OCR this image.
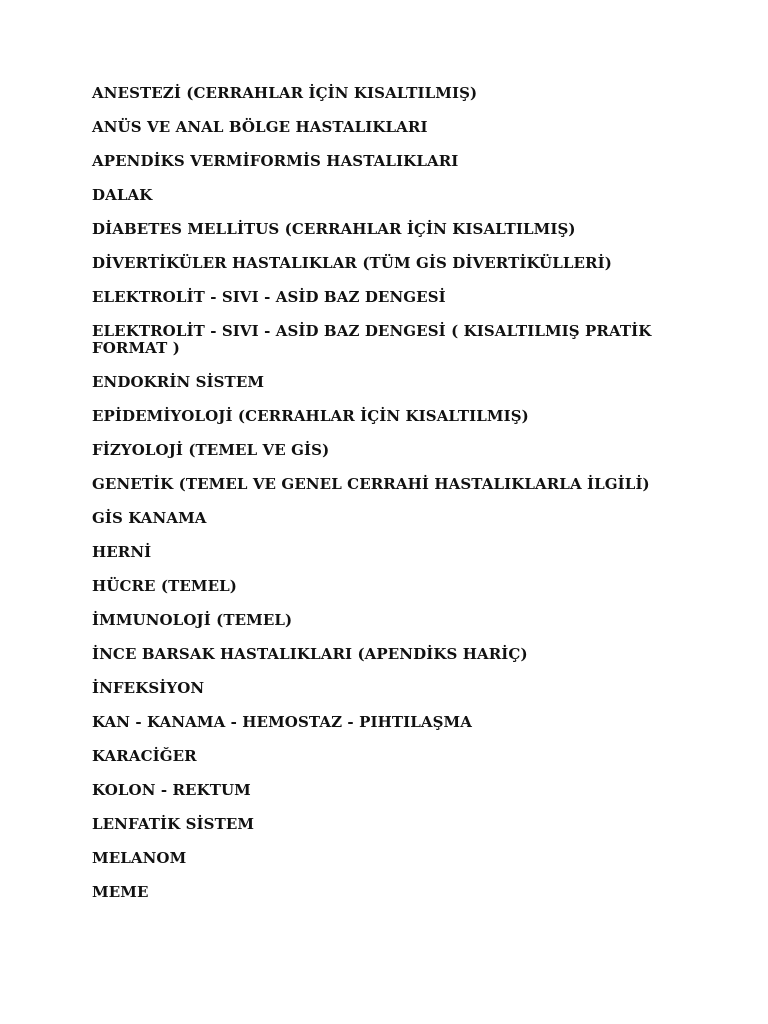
ANESTEZİ (CERRAHLAR İÇİN KISALTILMIŞ)
ANÜS VE ANAL BÖLGE HASTALIKLARI
APENDİKS VERMİFORMİS HASTALIKLARI
DALAK
DİABETES MELLİTUS (CERRAHLAR İÇİN KISALTILMIŞ)
DİVERTİKÜLER HASTALIKLAR (TÜM GİS DİVERTİKÜLLERİ)
ELEKTROLİT - SIVI - ASİD BAZ DENGESİ
ELEKTROLİT - SIVI - ASİD BAZ DENGESİ ( KISALTILMIŞ PRATİK FORMAT )
ENDOKRİN SİSTEM
EPİDEMİYOLOJİ (CERRAHLAR İÇİN KISALTILMIŞ)
FİZYOLOJİ (TEMEL VE GİS)
GENETİK (TEMEL VE GENEL CERRAHİ HASTALIKLARLA İLGİLİ)
GİS KANAMA
HERNİ
HÜCRE (TEMEL)
İMMUNOLOJİ (TEMEL)
İNCE BARSAK HASTALIKLARI (APENDİKS HARİÇ)
İNFEKSİYON
KAN - KANAMA - HEMOSTAZ - PIHTILAŞMA
KARACİĞER
KOLON - REKTUM
LENFATİK SİSTEM
MELANOM
MEME
